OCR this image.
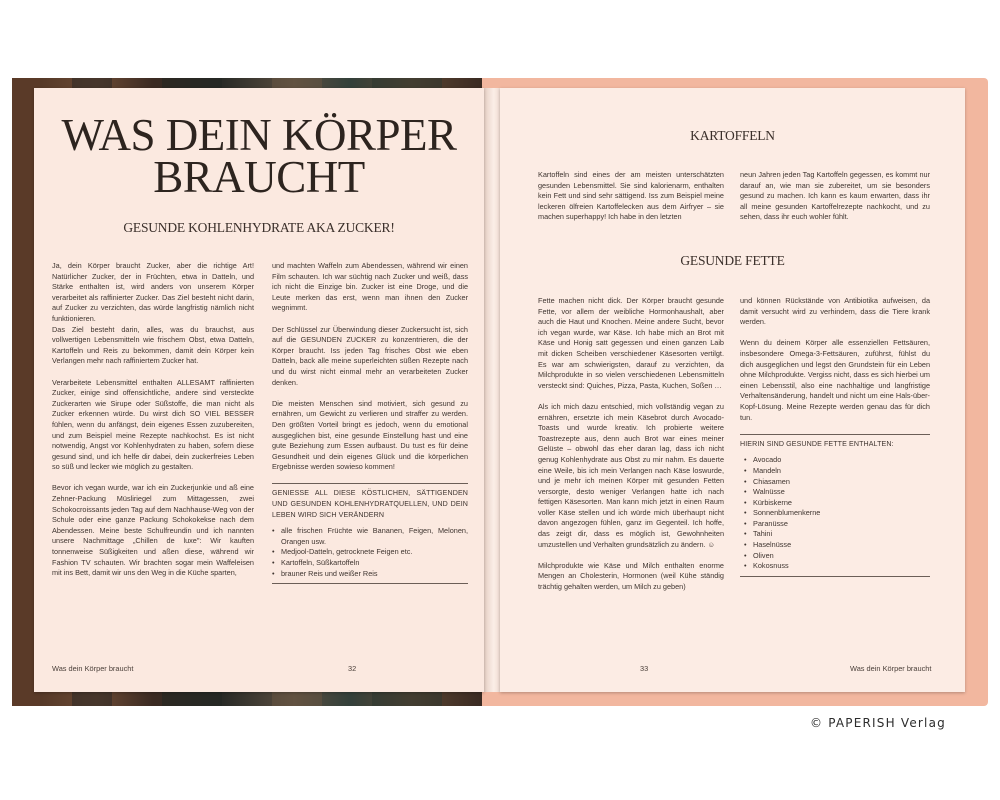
WAS DEIN KÖRPER
BRAUCHT
GESUNDE KOHLENHYDRATE AKA ZUCKER!

Ja, dein Körper braucht Zucker, aber die richtige Art! Natürlicher Zucker, der in Früchten, etwa in Datteln, und Stärke enthalten ist, wird anders von unserem Körper verarbeitet als raffinierter Zucker. Das Ziel besteht nicht darin, auf Zucker zu verzichten, das würde langfristig nämlich nicht funktionieren.

Das Ziel besteht darin, alles, was du brauchst, aus vollwertigen Lebensmitteln wie frischem Obst, etwa Datteln, Kartoffeln und Reis zu bekommen, damit dein Körper kein Verlangen mehr nach raffiniertem Zucker hat.

Verarbeitete Lebensmittel enthalten ALLESAMT raffinierten Zucker, einige sind offensichtliche, andere sind versteckte Zuckerarten wie Sirupe oder Süßstoffe, die man nicht als Zucker erkennen würde. Du wirst dich SO VIEL BESSER fühlen, wenn du anfängst, dein eigenes Essen zuzubereiten, und zum Beispiel meine Rezepte nachkochst. Es ist nicht notwendig, Angst vor Kohlenhydraten zu haben, sofern diese gesund sind, und ich helfe dir dabei, dein zuckerfreies Leben so süß und lecker wie möglich zu gestalten.

Bevor ich vegan wurde, war ich ein Zuckerjunkie und aß eine Zehner-Packung Müsliriegel zum Mittagessen, zwei Schokocroissants jeden Tag auf dem Nachhause-Weg von der Schule oder eine ganze Packung Schokokekse nach dem Abendessen. Meine beste Schulfreundin und ich nannten unsere Nachmittage „Chillen de luxe": Wir kauften tonnenweise Süßigkeiten und aßen diese, während wir Fashion TV schauten. Wir brachten sogar mein Waffeleisen mit ins Bett, damit wir uns den Weg in die Küche sparten,

und machten Waffeln zum Abendessen, während wir einen Film schauten. Ich war süchtig nach Zucker und weiß, dass ich nicht die Einzige bin. Zucker ist eine Droge, und die Leute merken das erst, wenn man ihnen den Zucker wegnimmt.

Der Schlüssel zur Überwindung dieser Zuckersucht ist, sich auf die GESUNDEN ZUCKER zu konzentrieren, die der Körper braucht. Iss jeden Tag frisches Obst wie eben Datteln, back alle meine superleichten süßen Rezepte nach und du wirst nicht einmal mehr an verarbeiteten Zucker denken.

Die meisten Menschen sind motiviert, sich gesund zu ernähren, um Gewicht zu verlieren und straffer zu werden. Den größten Vorteil bringt es jedoch, wenn du emotional ausgeglichen bist, eine gesunde Einstellung hast und eine gute Beziehung zum Essen aufbaust. Du tust es für deine Gesundheit und dein eigenes Glück und die körperlichen Ergebnisse werden sowieso kommen!

GENIESSE ALL DIESE KÖSTLICHEN, SÄTTIGENDEN UND GESUNDEN KOHLENHYDRATQUELLEN, UND DEIN LEBEN WIRD SICH VERÄNDERN
• alle frischen Früchte wie Bananen, Feigen, Melonen, Orangen usw.
• Medjool-Datteln, getrocknete Feigen etc.
• Kartoffeln, Süßkartoffeln
• brauner Reis und weißer Reis
Was dein Körper braucht	32
KARTOFFELN
Kartoffeln sind eines der am meisten unterschätzten gesunden Lebensmittel. Sie sind kalorienarm, enthalten kein Fett und sind sehr sättigend. Iss zum Beispiel meine leckeren ölfreien Kartoffelecken aus dem Airfryer – sie machen superhappy! Ich habe in den letzten
neun Jahren jeden Tag Kartoffeln gegessen, es kommt nur darauf an, wie man sie zubereitet, um sie besonders gesund zu machen. Ich kann es kaum erwarten, dass ihr all meine gesunden Kartoffelrezepte nachkocht, und zu sehen, dass ihr euch wohler fühlt.
GESUNDE FETTE

Fette machen nicht dick. Der Körper braucht gesunde Fette, vor allem der weibliche Hormonhaushalt, aber auch die Haut und Knochen. Meine andere Sucht, bevor ich vegan wurde, war Käse. Ich habe mich an Brot mit Käse und Honig satt gegessen und einen ganzen Laib mit dicken Scheiben verschiedener Käsesorten vertilgt. Es war am schwierigsten, darauf zu verzichten, da Milchprodukte in so vielen verschiedenen Lebensmitteln versteckt sind: Quiches, Pizza, Pasta, Kuchen, Soßen …

Als ich mich dazu entschied, mich vollständig vegan zu ernähren, ersetzte ich mein Käsebrot durch Avocado-Toasts und wurde kreativ. Ich probierte weitere Toastrezepte aus, denn auch Brot war eines meiner Gelüste – obwohl das eher daran lag, dass ich nicht genug Kohlenhydrate aus Obst zu mir nahm. Es dauerte eine Weile, bis ich mein Verlangen nach Käse loswurde, und je mehr ich meinen Körper mit gesunden Fetten versorgte, desto weniger Verlangen hatte ich nach fettigen Käsesorten. Man kann mich jetzt in einen Raum voller Käse stellen und ich würde mich überhaupt nicht davon angezogen fühlen, ganz im Gegenteil. Ich hoffe, das zeigt dir, dass es möglich ist, Gewohnheiten umzustellen und Verhalten grundsätzlich zu ändern. ☺

Milchprodukte wie Käse und Milch enthalten enorme Mengen an Cholesterin, Hormonen (weil Kühe ständig trächtig gehalten werden, um Milch zu geben)

und können Rückstände von Antibiotika aufweisen, da damit versucht wird zu verhindern, dass die Tiere krank werden.

Wenn du deinem Körper alle essenziellen Fettsäuren, insbesondere Omega-3-Fettsäuren, zuführst, fühlst du dich ausgeglichen und legst den Grundstein für ein Leben ohne Milchprodukte. Vergiss nicht, dass es sich hierbei um einen Lebensstil, also eine nachhaltige und langfristige Verhaltensänderung, handelt und nicht um eine Hals-über-Kopf-Lösung. Meine Rezepte werden genau das für dich tun.

HIERIN SIND GESUNDE FETTE ENTHALTEN:
• Avocado
• Mandeln
• Chiasamen
• Walnüsse
• Kürbiskerne
• Sonnenblumenkerne
• Paranüsse
• Tahini
• Haselnüsse
• Oliven
• Kokosnuss
33	Was dein Körper braucht
© PAPERISH Verlag
